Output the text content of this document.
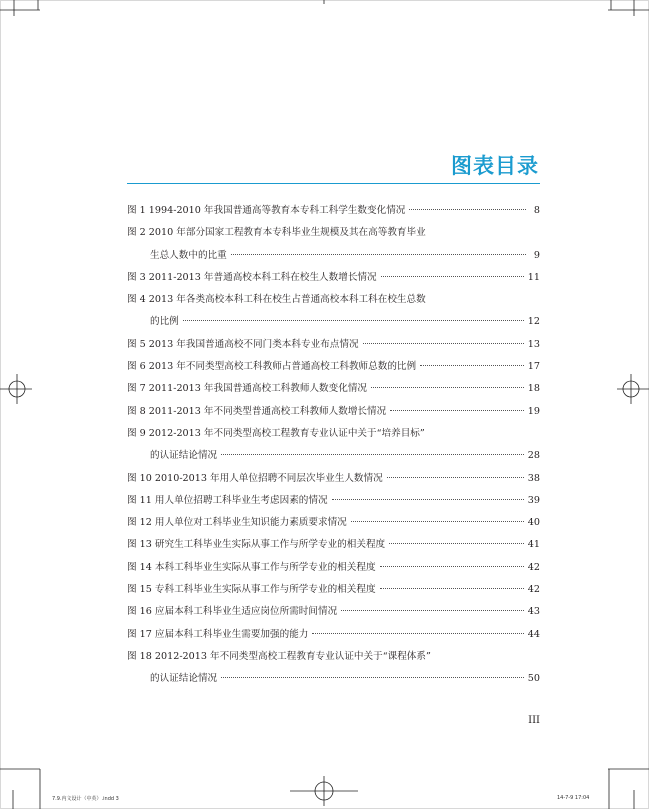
图表目录
图 1 1994-2010 年我国普通高等教育本专科工科学生数变化情况	8
图 2 2010 年部分国家工程教育本专科毕业生规模及其在高等教育毕业
生总人数中的比重	9
图 3 2011-2013 年普通高校本科工科在校生人数增长情况	11
图 4 2013 年各类高校本科工科在校生占普通高校本科工科在校生总数
的比例	12
图 5 2013 年我国普通高校不同门类本科专业布点情况	13
图 6 2013 年不同类型高校工科教师占普通高校工科教师总数的比例	17
图 7 2011-2013 年我国普通高校工科教师人数变化情况	18
图 8 2011-2013 年不同类型普通高校工科教师人数增长情况	19
图 9 2012-2013 年不同类型高校工程教育专业认证中关于“培养目标”
的认证结论情况	28
图 10 2010-2013 年用人单位招聘不同层次毕业生人数情况	38
图 11 用人单位招聘工科毕业生考虑因素的情况	39
图 12 用人单位对工科毕业生知识能力素质要求情况	40
图 13 研究生工科毕业生实际从事工作与所学专业的相关程度	41
图 14 本科工科毕业生实际从事工作与所学专业的相关程度	42
图 15 专科工科毕业生实际从事工作与所学专业的相关程度	42
图 16 应届本科工科毕业生适应岗位所需时间情况	43
图 17 应届本科工科毕业生需要加强的能力	44
图 18 2012-2013 年不同类型高校工程教育专业认证中关于“课程体系”
的认证结论情况	50
III
7.9.内文设计（中英）.indd 3	14-7-9 17:04
